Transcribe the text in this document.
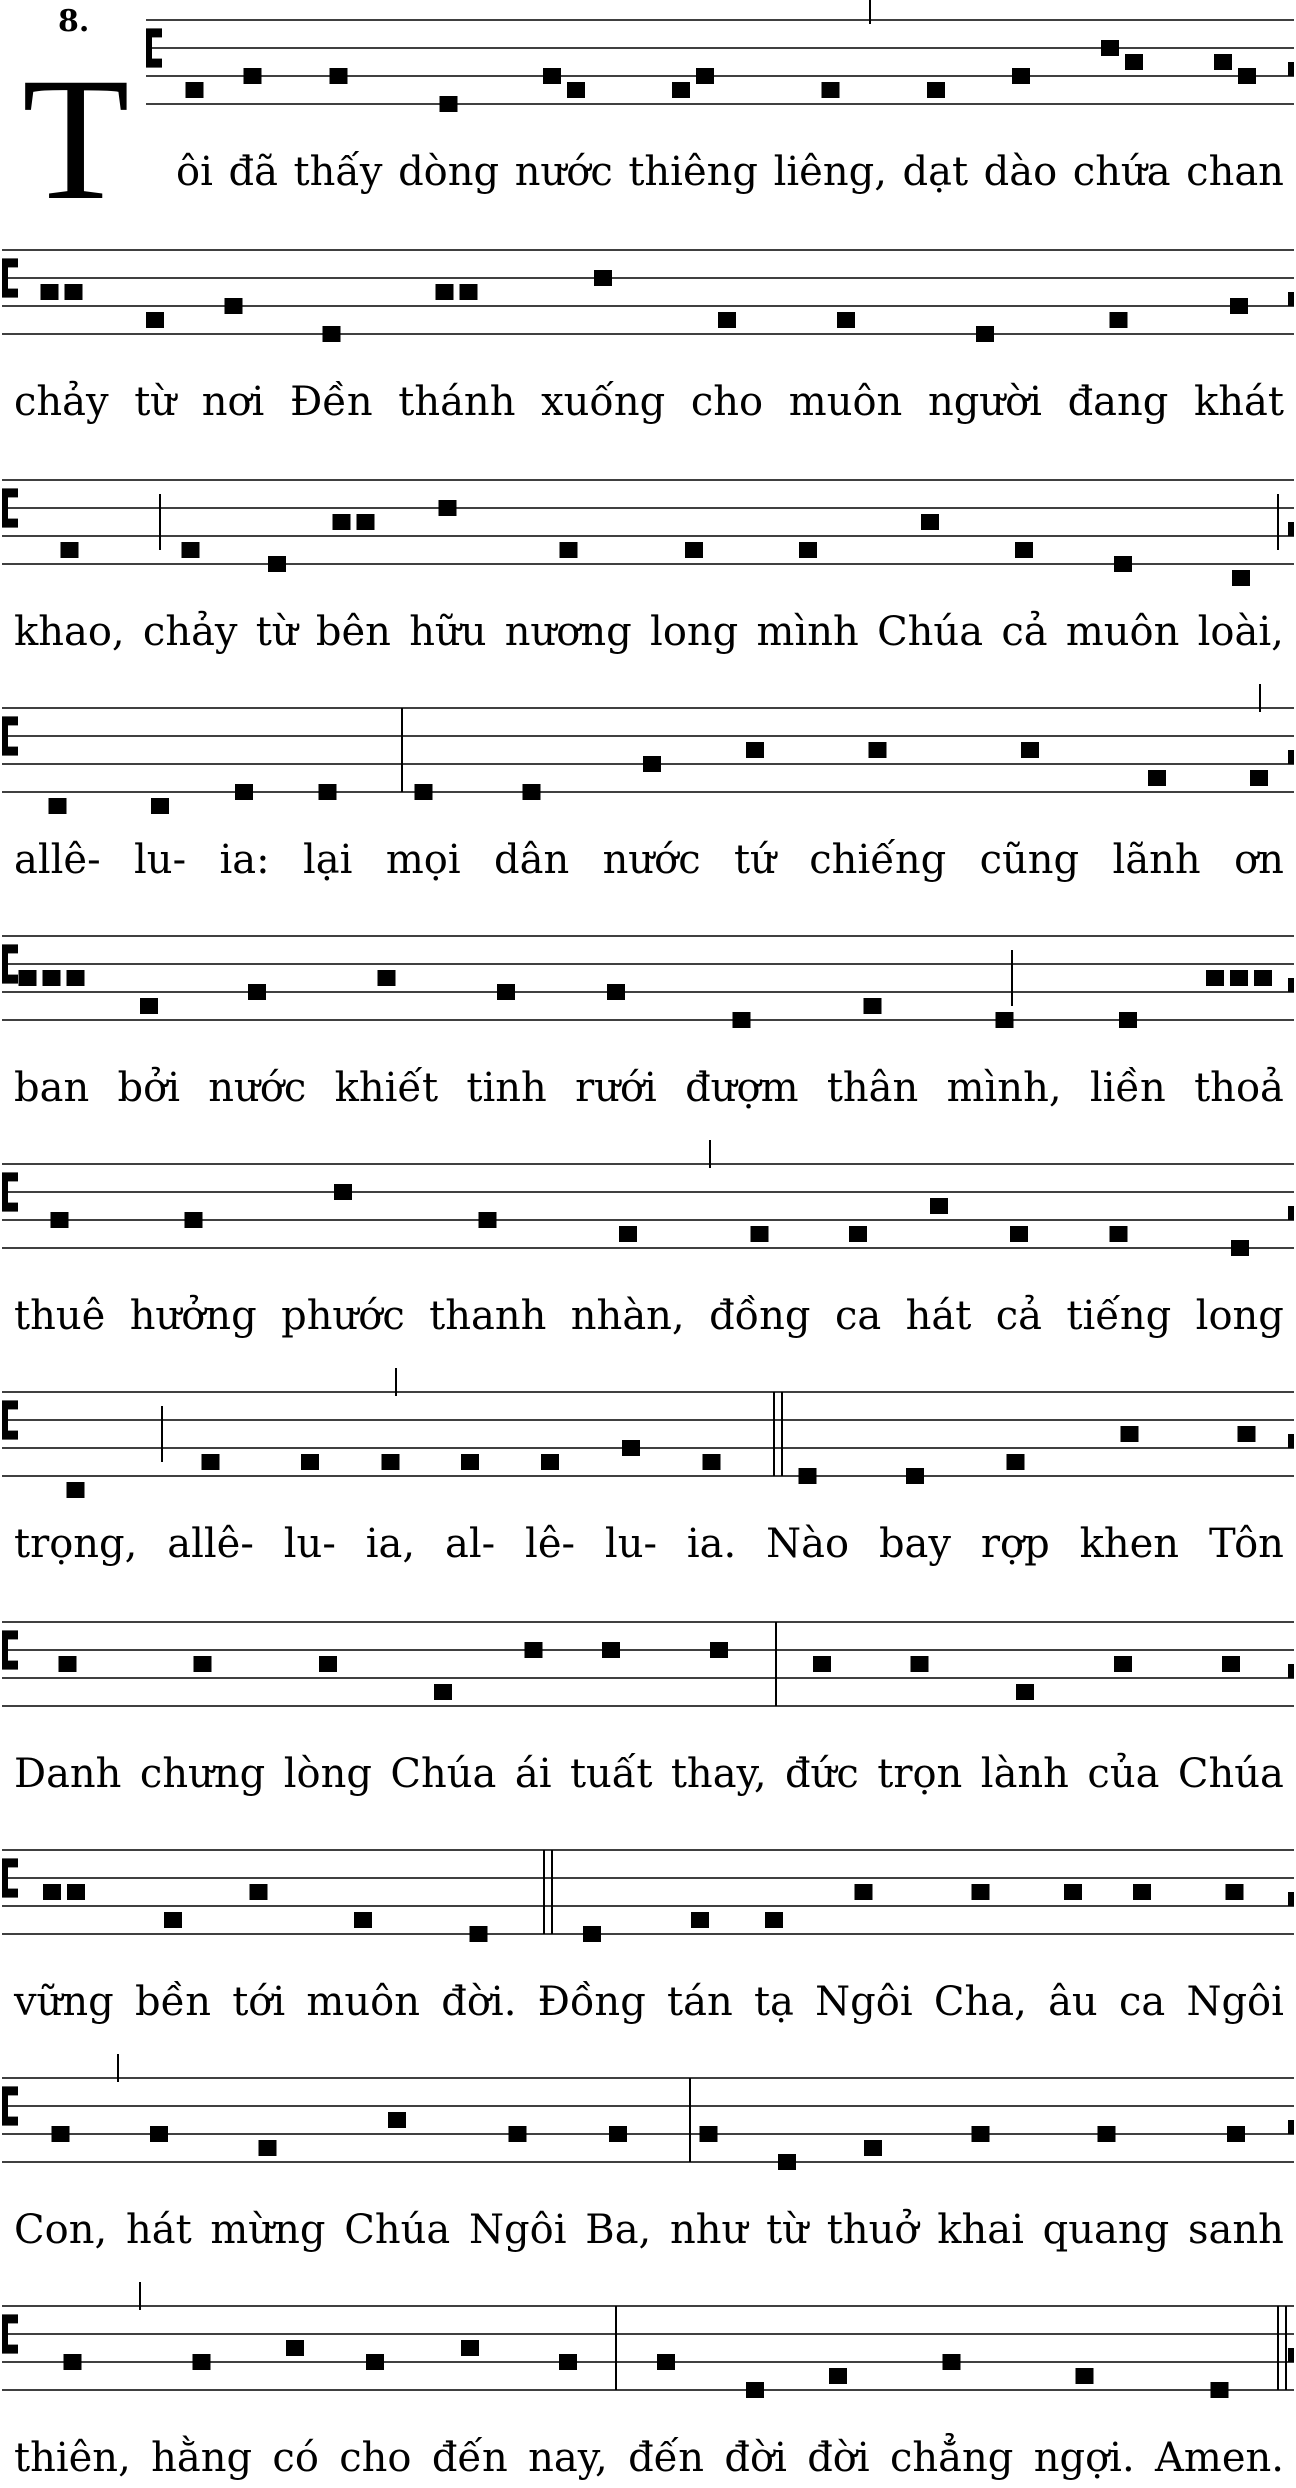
8.
T ôi đã thấy dòng nước thiêng liêng, dạt dào chứa chan
chảy từ nơi Đền thánh xuống cho muôn người đang khát
khao, chảy từ bên hữu nương long mình Chúa cả muôn loài,
allê- lu- ia: lại mọi dân nước tứ chiếng cũng lãnh ơn
ban bởi nước khiết tinh rưới đượm thân mình, liền thoả
thuê hưởng phước thanh nhàn, đồng ca hát cả tiếng long
trọng, allê- lu- ia, al- lê- lu- ia. Nào bay rợp khen Tôn
Danh chưng lòng Chúa ái tuất thay, đức trọn lành của Chúa
vững bền tới muôn đời. Đồng tán tạ Ngôi Cha, âu ca Ngôi
Con, hát mừng Chúa Ngôi Ba, như từ thuở khai quang sanh
thiên, hằng có cho đến nay, đến đời đời chẳng ngợi. Amen.
